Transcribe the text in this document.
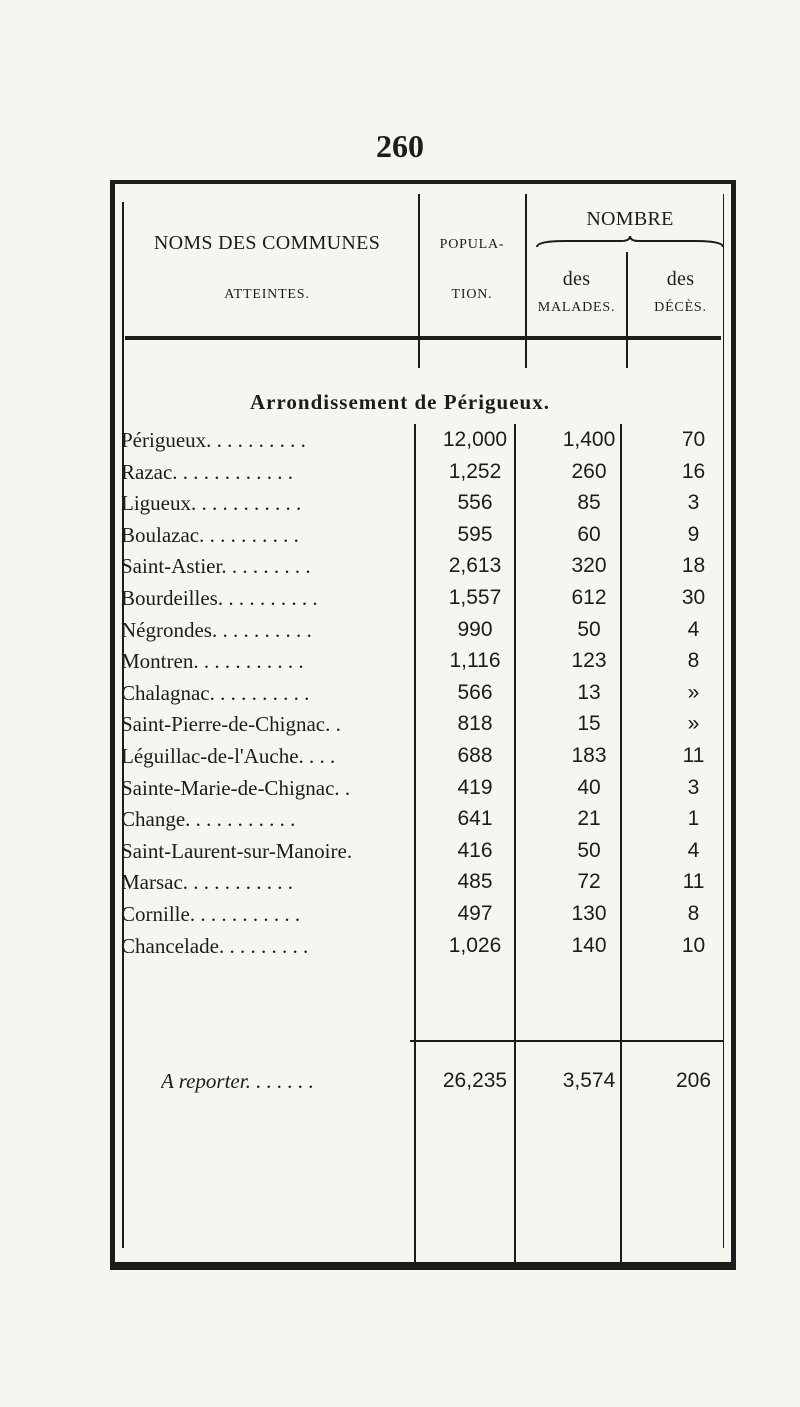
260
NOMS DES COMMUNES
ATTEINTES.
POPULA-
TION.
NOMBRE
des
MALADES.
des
DÉCÈS.
Arrondissement de Périgueux.
Périgueux. . . . . . . . . .	12,000	1,400	70
Razac. . . . . . . . . . . .	1,252	260	16
Ligueux. . . . . . . . . . .	556	85	3
Boulazac. . . . . . . . . .	595	60	9
Saint-Astier. . . . . . . . .	2,613	320	18
Bourdeilles. . . . . . . . . .	1,557	612	30
Négrondes. . . . . . . . . .	990	50	4
Montren. . . . . . . . . . .	1,116	123	8
Chalagnac. . . . . . . . . .	566	13	»
Saint-Pierre-de-Chignac. .	818	15	»
Léguillac-de-l'Auche. . . .	688	183	11
Sainte-Marie-de-Chignac. .	419	40	3
Change. . . . . . . . . . .	641	21	1
Saint-Laurent-sur-Manoire.	416	50	4
Marsac. . . . . . . . . . .	485	72	11
Cornille. . . . . . . . . . .	497	130	8
Chancelade. . . . . . . . .	1,026	140	10
A reporter. . . . . . .	26,235	3,574	206
